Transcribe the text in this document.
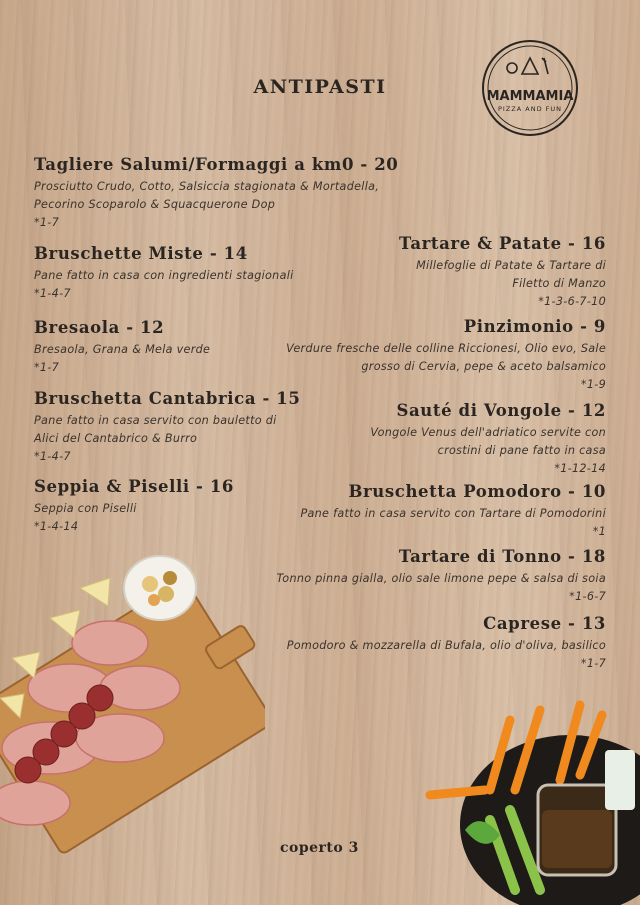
ANTIPASTI	MAMMAMIA
PIZZA AND FUN
Tagliere Salumi/Formaggi a km0 - 20
Prosciutto Crudo, Cotto, Salsiccia stagionata & Mortadella, Pecorino Scoparolo & Squacquerone Dop
*1-7
Bruschette Miste - 14
Pane fatto in casa con ingredienti stagionali
*1-4-7
Bresaola - 12
Bresaola, Grana & Mela verde
*1-7
Bruschetta Cantabrica - 15
Pane fatto in casa servito con bauletto di Alici del Cantabrico & Burro
*1-4-7
Seppia & Piselli - 16
Seppia con Piselli
*1-4-14
Tartare & Patate - 16
Millefoglie di Patate & Tartare di Filetto di Manzo
*1-3-6-7-10
Pinzimonio - 9
Verdure fresche delle colline Riccionesi, Olio evo, Sale grosso di Cervia, pepe & aceto balsamico
*1-9
Sauté di Vongole - 12
Vongole Venus dell'adriatico servite con crostini di pane fatto in casa
*1-12-14
Bruschetta Pomodoro - 10
Pane fatto in casa servito con Tartare di Pomodorini
*1
Tartare di Tonno - 18
Tonno pinna gialla, olio sale limone pepe & salsa di soia
*1-6-7
Caprese - 13
Pomodoro & mozzarella di Bufala, olio d'oliva, basilico
*1-7
coperto 3
